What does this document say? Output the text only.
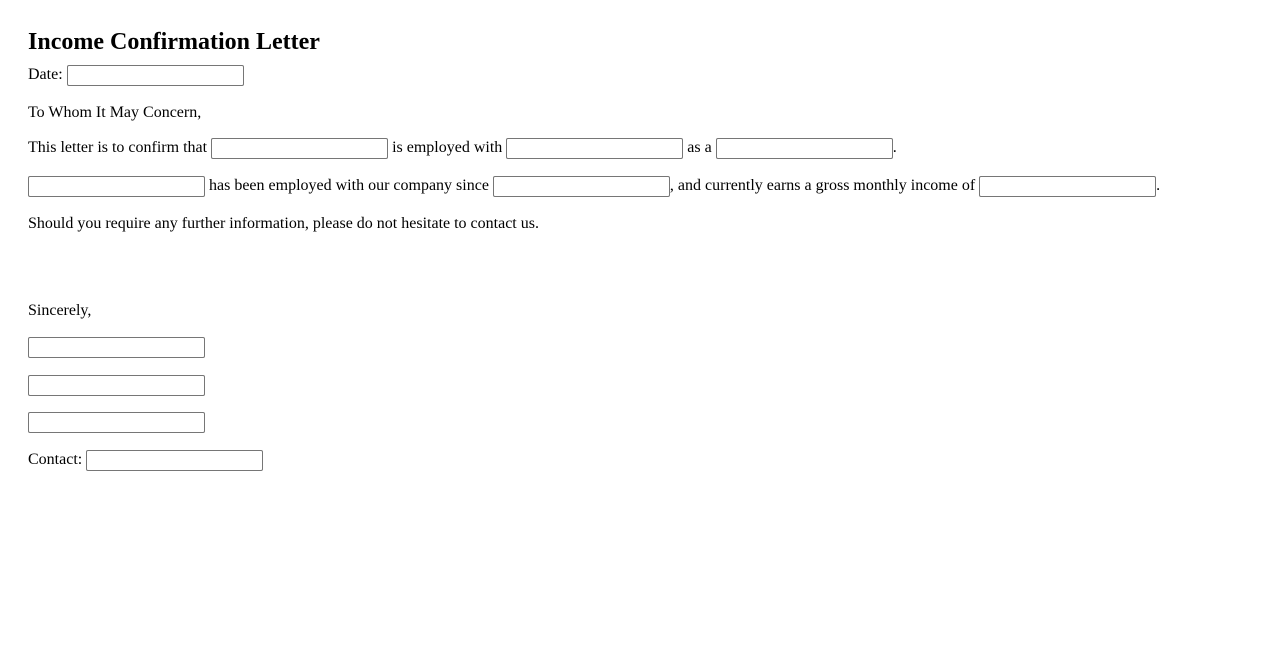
Income Confirmation Letter
Date:
To Whom It May Concern,
This letter is to confirm that	is employed with	as a	.
has been employed with our company since	, and currently earns a gross monthly income of	.
Should you require any further information, please do not hesitate to contact us.
Sincerely,
Contact:
